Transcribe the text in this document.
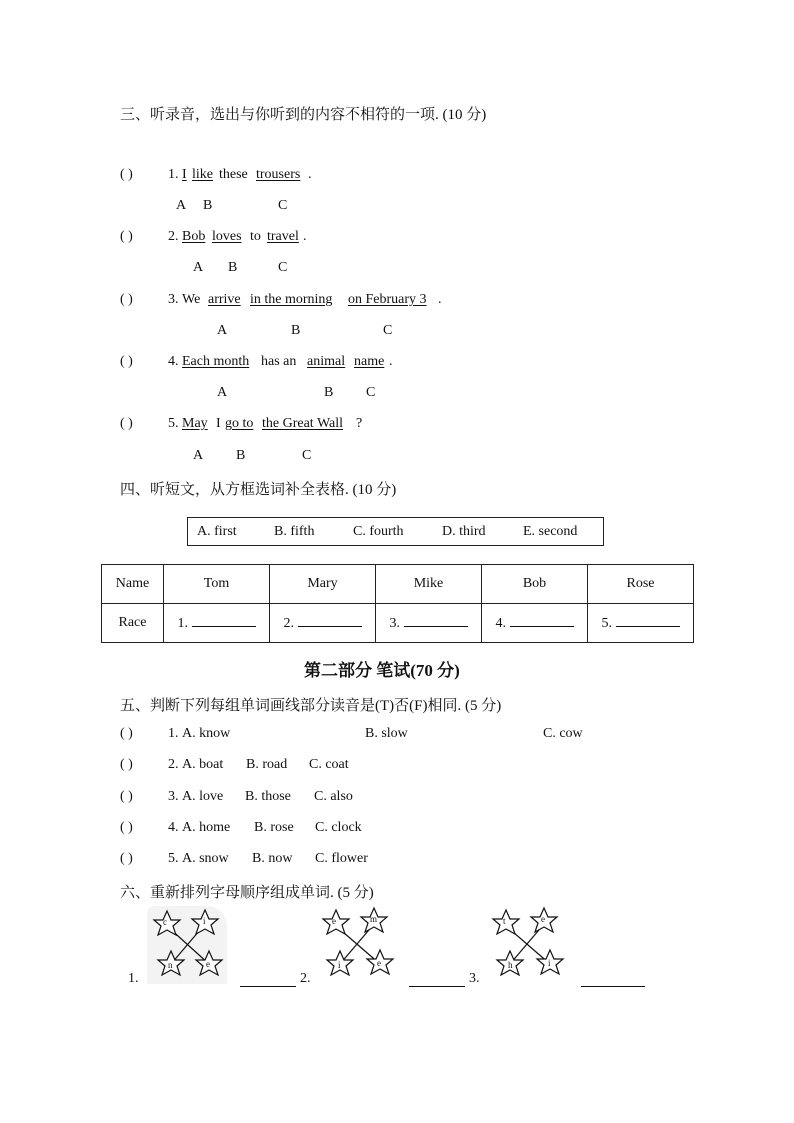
三、听录音，选出与你听到的内容不相符的一项. (10 分)
( )	1. I like these trousers .
A B	C
( )	2. Bob loves to travel .
A B	C
( )	3. We arrive in the morning on February 3 .
A	B	C
( )	4. Each month has an animal name .
A	B C
( )	5. May I go to the Great Wall ?
A B	C
四、听短文，从方框选词补全表格. (10 分)
A. first	B. fifth	C. fourth	D. third	E. second
Name	Tom	Mary	Mike	Bob	Rose
Race	1.	2.	3.	4.	5.
第二部分 笔试(70 分)
五、判断下列每组单词画线部分读音是(T)否(F)相同. (5 分)
( )	1. A. know	B. slow	C. cow
( )	2. A. boat B. road C. coat
( )	3. A. love B. those C. also
( )	4. A. home B. rose C. clock
( )	5. A. snow B. now C. flower
六、重新排列字母顺序组成单词. (5 分)
c	i
n	e
1.	2.
e	m
i	e
3.
t	e
h	i
